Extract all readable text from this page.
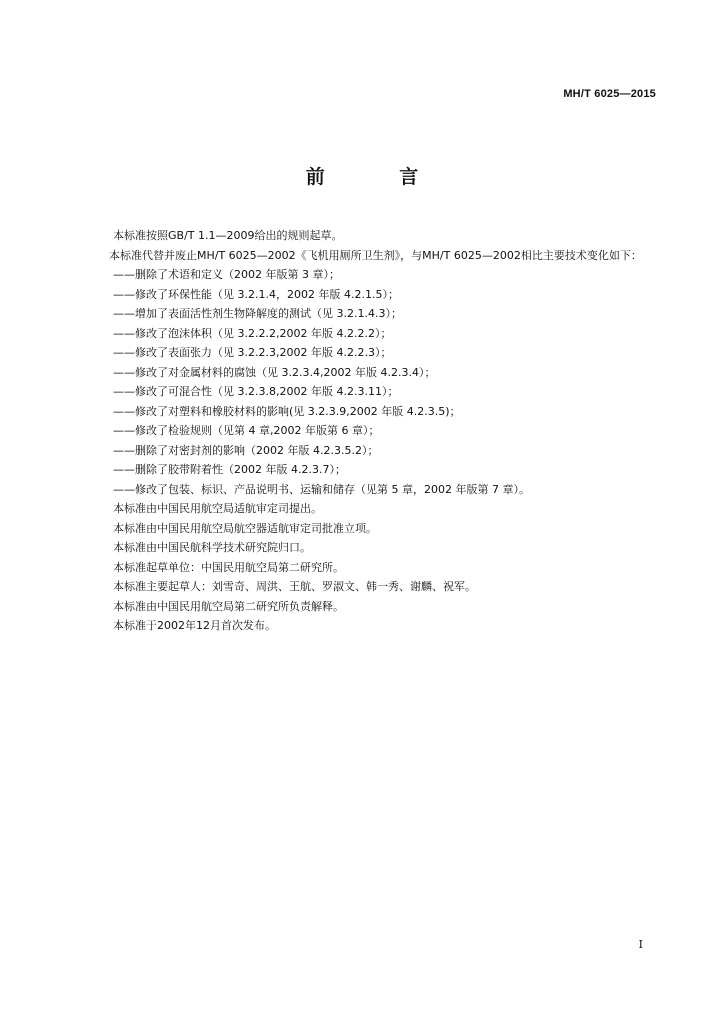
MH/T 6025—2015
前 言
本标准按照GB/T 1.1—2009给出的规则起草。
本标准代替并废止MH/T 6025—2002《飞机用厕所卫生剂》，与MH/T 6025—2002相比主要技术变化如下：
——删除了术语和定义（2002 年版第 3 章）；
——修改了环保性能（见 3.2.1.4，2002 年版 4.2.1.5）；
——增加了表面活性剂生物降解度的测试（见 3.2.1.4.3）；
——修改了泡沫体积（见 3.2.2.2,2002 年版 4.2.2.2）；
——修改了表面张力（见 3.2.2.3,2002 年版 4.2.2.3）；
——修改了对金属材料的腐蚀（见 3.2.3.4,2002 年版 4.2.3.4）；
——修改了可混合性（见 3.2.3.8,2002 年版 4.2.3.11）；
——修改了对塑料和橡胶材料的影响(见 3.2.3.9,2002 年版 4.2.3.5)；
——修改了检验规则（见第 4 章,2002 年版第 6 章）；
——删除了对密封剂的影响（2002 年版 4.2.3.5.2）；
——删除了胶带附着性（2002 年版 4.2.3.7）；
——修改了包装、标识、产品说明书、运输和储存（见第 5 章，2002 年版第 7 章）。
本标准由中国民用航空局适航审定司提出。
本标准由中国民用航空局航空器适航审定司批准立项。
本标准由中国民航科学技术研究院归口。
本标准起草单位：中国民用航空局第二研究所。
本标准主要起草人：刘雪奇、周洪、王航、罗淑文、韩一秀、谢麟、祝军。
本标准由中国民用航空局第二研究所负责解释。
本标准于2002年12月首次发布。
I
